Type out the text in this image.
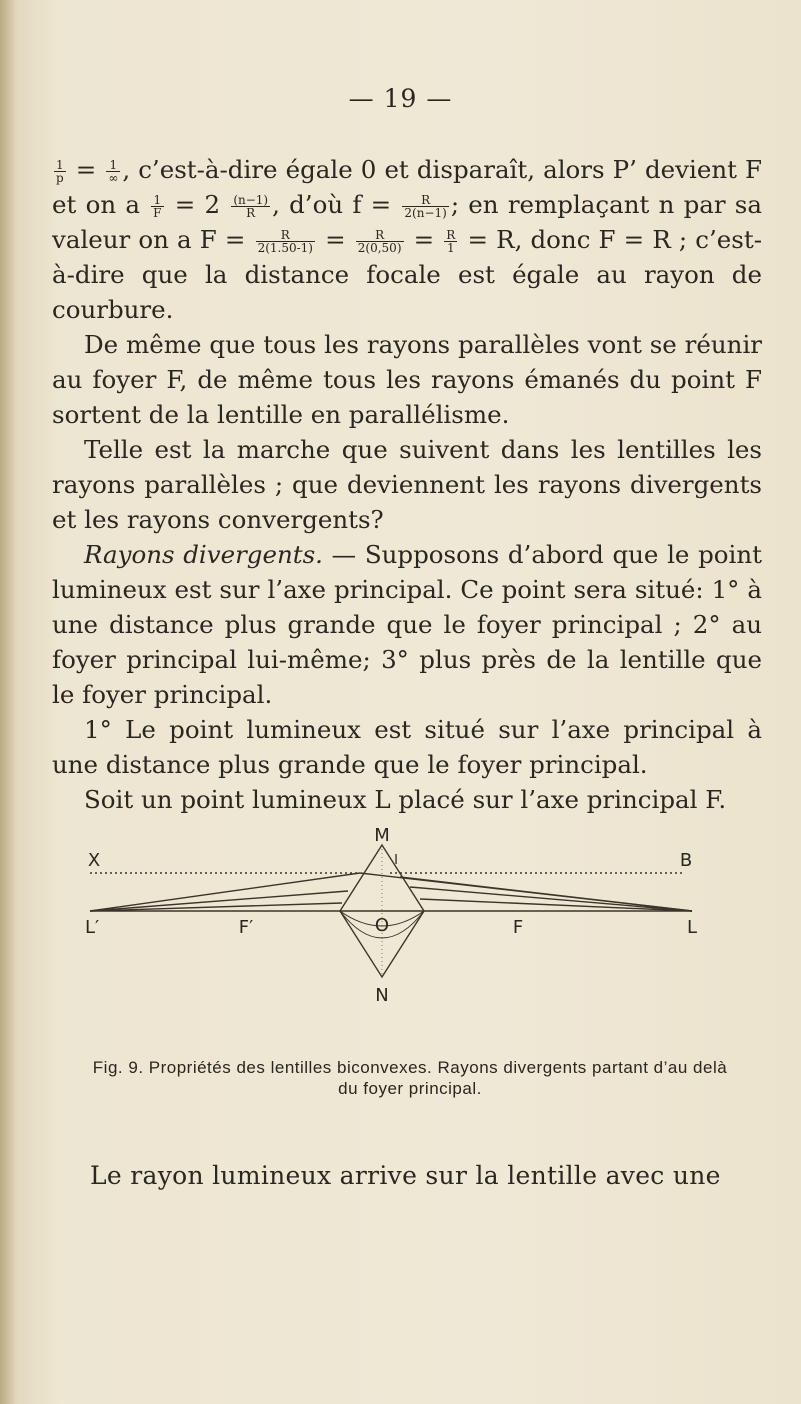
— 19 —

$\frac{1}{p} = \frac{1}{\infty}$ , c’est-à-dire égale 0 et disparaît, alors P’ devient F et on a $\frac{1}{F} = 2 \frac{(n-1)}{R}$ , d’où $f = \frac{R}{2(n-1)}$ ; en remplaçant n par sa valeur on a $F = \frac{R}{2(1.50-1)} = \frac{R}{2(0,50)} = \frac{R}{1} = R$, donc F = R ; c’est-à-dire que la distance focale est égale au rayon de courbure.

De même que tous les rayons parallèles vont se réunir au foyer F, de même tous les rayons émanés du point F sortent de la lentille en parallélisme.

Telle est la marche que suivent dans les lentilles les rayons parallèles ; que deviennent les rayons divergents et les rayons convergents?

Rayons divergents. — Supposons d’abord que le point lumineux est sur l’axe principal. Ce point sera situé: 1° à une distance plus grande que le foyer principal ; 2° au foyer principal lui-même; 3° plus près de la lentille que le foyer principal.

1° Le point lumineux est situé sur l’axe principal à une distance plus grande que le foyer principal.

Soit un point lumineux L placé sur l’axe principal F.

M
N
X	B
L′	F′	O	F	L
I
Fig. 9. Propriétés des lentilles biconvexes. Rayons divergents partant d’au delà du foyer principal.
Le rayon lumineux arrive sur la lentille avec une
